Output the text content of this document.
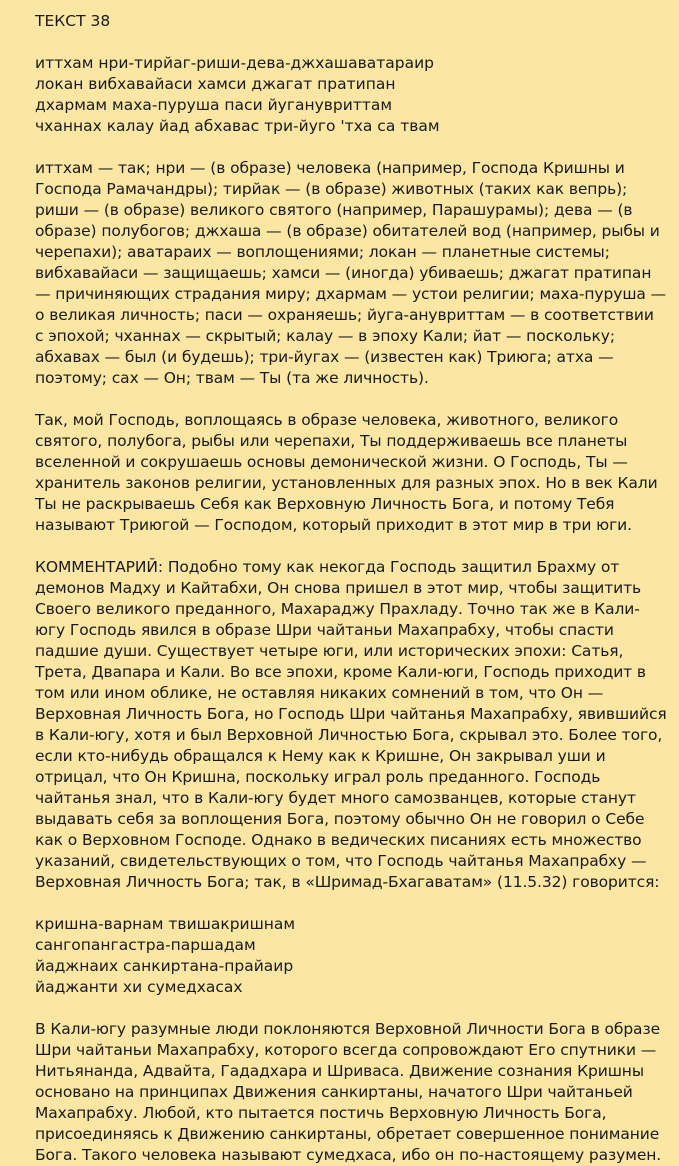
ТЕКСТ 38
иттхам нри-тирйаг-риши-дева-джхашаватараир
локан вибхавайаси хамси джагат пратипан
дхармам маха-пуруша паси йуганувриттам
чханнах калау йад абхавас три-йуго 'тха са твам

иттхам — так; нри — (в образе) человека (например, Господа Кришны и Господа Рамачандры); тирйак — (в образе) животных (таких как вепрь); риши — (в образе) великого святого (например, Парашурамы); дева — (в образе) полубогов; джхаша — (в образе) обитателей вод (например, рыбы и черепахи); аватараих — воплощениями; локан — планетные системы; вибхавайаси — защищаешь; хамси — (иногда) убиваешь; джагат пратипан — причиняющих страдания миру; дхармам — устои религии; маха-пуруша — о великая личность; паси — охраняешь; йуга-анувриттам — в соответствии с эпохой; чханнах — скрытый; калау — в эпоху Кали; йат — поскольку; абхавах — был (и будешь); три-йугах — (известен как) Триюга; атха — поэтому; сах — Он; твам — Ты (та же личность).

Так, мой Господь, воплощаясь в образе человека, животного, великого святого, полубога, рыбы или черепахи, Ты поддерживаешь все планеты вселенной и сокрушаешь основы демонической жизни. О Господь, Ты — хранитель законов религии, установленных для разных эпох. Но в век Кали Ты не раскрываешь Себя как Верховную Личность Бога, и потому Тебя называют Триюгой — Господом, который приходит в этот мир в три юги.

КОММЕНТАРИЙ: Подобно тому как некогда Господь защитил Брахму от демонов Мадху и Кайтабхи, Он снова пришел в этот мир, чтобы защитить Своего великого преданного, Махараджу Прахладу. Точно так же в Кали-югу Господь явился в образе Шри чайтаньи Махапрабху, чтобы спасти падшие души. Существует четыре юги, или исторических эпохи: Сатья, Трета, Двапара и Кали. Во все эпохи, кроме Кали-юги, Господь приходит в том или ином облике, не оставляя никаких сомнений в том, что Он — Верховная Личность Бога, но Господь Шри чайтанья Махапрабху, явившийся в Кали-югу, хотя и был Верховной Личностью Бога, скрывал это. Более того, если кто-нибудь обращался к Нему как к Кришне, Он закрывал уши и отрицал, что Он Кришна, поскольку играл роль преданного. Господь чайтанья знал, что в Кали-югу будет много самозванцев, которые станут выдавать себя за воплощения Бога, поэтому обычно Он не говорил о Себе как о Верховном Господе. Однако в ведических писаниях есть множество указаний, свидетельствующих о том, что Господь чайтанья Махапрабху — Верховная Личность Бога; так, в «Шримад-Бхагаватам» (11.5.32) говорится:

кришна-варнам твишакришнам
сангопангастра-паршадам
йаджнаих санкиртана-прайаир
йаджанти хи сумедхасах

В Кали-югу разумные люди поклоняются Верховной Личности Бога в образе Шри чайтаньи Махапрабху, которого всегда сопровождают Его спутники — Нитьянанда, Адвайта, Гададхара и Шриваса. Движение сознания Кришны основано на принципах Движения санкиртаны, начатого Шри чайтаньей Махапрабху. Любой, кто пытается постичь Верховную Личность Бога, присоединяясь к Движению санкиртаны, обретает совершенное понимание Бога. Такого человека называют сумедхаса, ибо он по-настоящему разумен.
